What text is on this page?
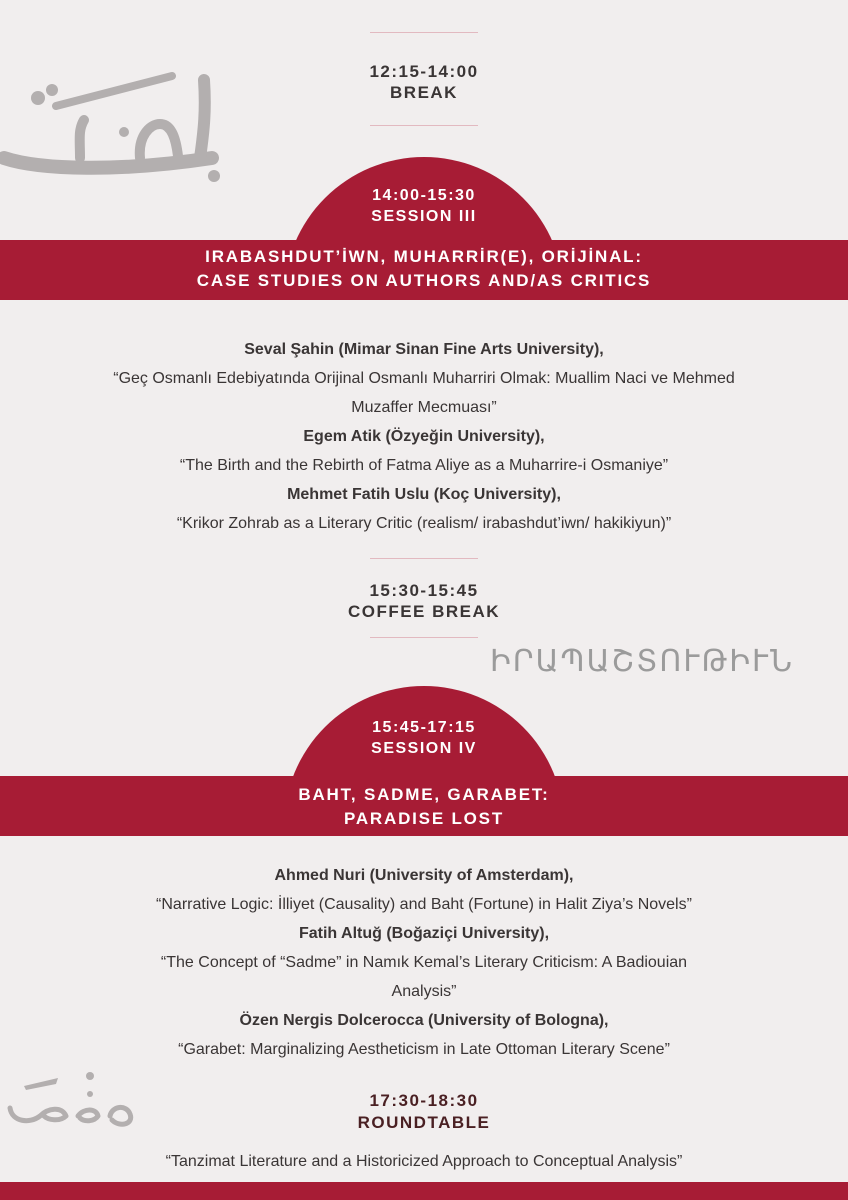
12:15-14:00
BREAK
14:00-15:30
SESSION III
IRABASHDUT’İWN, MUHARRİR(E), ORİJİNAL:
CASE STUDIES ON AUTHORS AND/AS CRITICS
Seval Şahin (Mimar Sinan Fine Arts University),
“Geç Osmanlı Edebiyatında Orijinal Osmanlı Muharriri Olmak: Muallim Naci ve Mehmed
Muzaffer Mecmuası”
Egem Atik (Özyeğin University),
“The Birth and the Rebirth of Fatma Aliye as a Muharrire-i Osmaniye”
Mehmet Fatih Uslu (Koç University),
“Krikor Zohrab as a Literary Critic (realism/ irabashdut’iwn/ hakikiyun)”
15:30-15:45
COFFEE BREAK
ԻՐԱՊԱՇՏՈՒԹԻՒՆ
15:45-17:15
SESSION IV
BAHT, SADME, GARABET:
PARADISE LOST
Ahmed Nuri (University of Amsterdam),
“Narrative Logic: İlliyet (Causality) and Baht (Fortune) in Halit Ziya’s Novels”
Fatih Altuğ (Boğaziçi University),
“The Concept of “Sadme” in Namık Kemal’s Literary Criticism: A Badiouian
Analysis”
Özen Nergis Dolcerocca (University of Bologna),
“Garabet: Marginalizing Aestheticism in Late Ottoman Literary Scene”
17:30-18:30
ROUNDTABLE
“Tanzimat Literature and a Historicized Approach to Conceptual Analysis”
